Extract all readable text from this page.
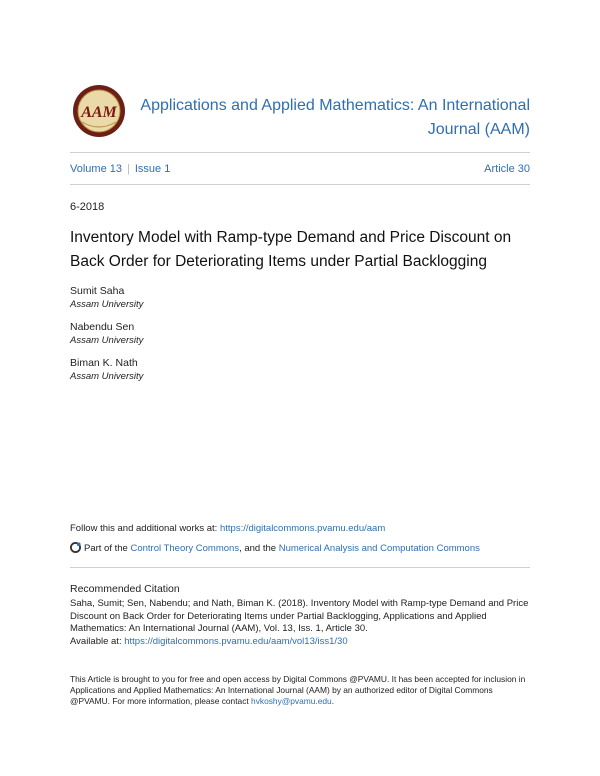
AAM Applications and Applied Mathematics: An International Journal (AAM)
Volume 13 | Issue 1	Article 30
6-2018
Inventory Model with Ramp-type Demand and Price Discount on Back Order for Deteriorating Items under Partial Backlogging
Sumit Saha
Assam University
Nabendu Sen
Assam University
Biman K. Nath
Assam University
Follow this and additional works at: https://digitalcommons.pvamu.edu/aam
Part of the Control Theory Commons, and the Numerical Analysis and Computation Commons
Recommended Citation
Saha, Sumit; Sen, Nabendu; and Nath, Biman K. (2018). Inventory Model with Ramp-type Demand and Price Discount on Back Order for Deteriorating Items under Partial Backlogging, Applications and Applied Mathematics: An International Journal (AAM), Vol. 13, Iss. 1, Article 30.
Available at: https://digitalcommons.pvamu.edu/aam/vol13/iss1/30
This Article is brought to you for free and open access by Digital Commons @PVAMU. It has been accepted for inclusion in Applications and Applied Mathematics: An International Journal (AAM) by an authorized editor of Digital Commons @PVAMU. For more information, please contact hvkoshy@pvamu.edu.
